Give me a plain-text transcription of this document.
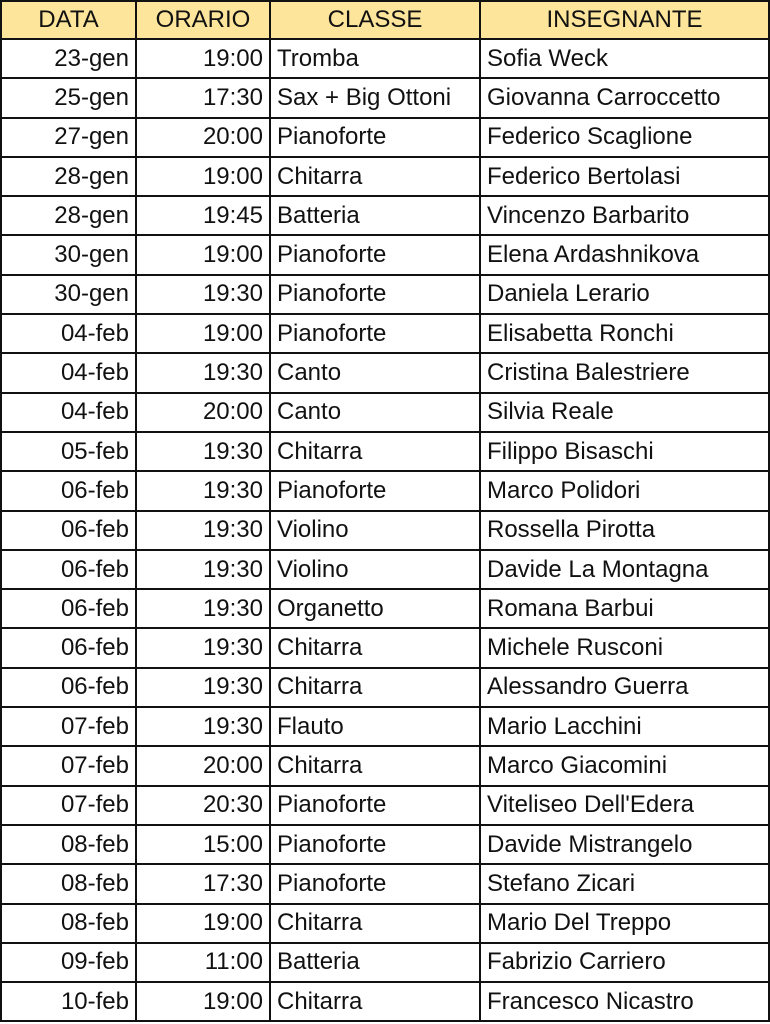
DATA	ORARIO	CLASSE	INSEGNANTE
23-gen	19:00	Tromba	Sofia Weck
25-gen	17:30	Sax + Big Ottoni	Giovanna Carroccetto
27-gen	20:00	Pianoforte	Federico Scaglione
28-gen	19:00	Chitarra	Federico Bertolasi
28-gen	19:45	Batteria	Vincenzo Barbarito
30-gen	19:00	Pianoforte	Elena Ardashnikova
30-gen	19:30	Pianoforte	Daniela Lerario
04-feb	19:00	Pianoforte	Elisabetta Ronchi
04-feb	19:30	Canto	Cristina Balestriere
04-feb	20:00	Canto	Silvia Reale
05-feb	19:30	Chitarra	Filippo Bisaschi
06-feb	19:30	Pianoforte	Marco Polidori
06-feb	19:30	Violino	Rossella Pirotta
06-feb	19:30	Violino	Davide La Montagna
06-feb	19:30	Organetto	Romana Barbui
06-feb	19:30	Chitarra	Michele Rusconi
06-feb	19:30	Chitarra	Alessandro Guerra
07-feb	19:30	Flauto	Mario Lacchini
07-feb	20:00	Chitarra	Marco Giacomini
07-feb	20:30	Pianoforte	Viteliseo Dell'Edera
08-feb	15:00	Pianoforte	Davide Mistrangelo
08-feb	17:30	Pianoforte	Stefano Zicari
08-feb	19:00	Chitarra	Mario Del Treppo
09-feb	11:00	Batteria	Fabrizio Carriero
10-feb	19:00	Chitarra	Francesco Nicastro
